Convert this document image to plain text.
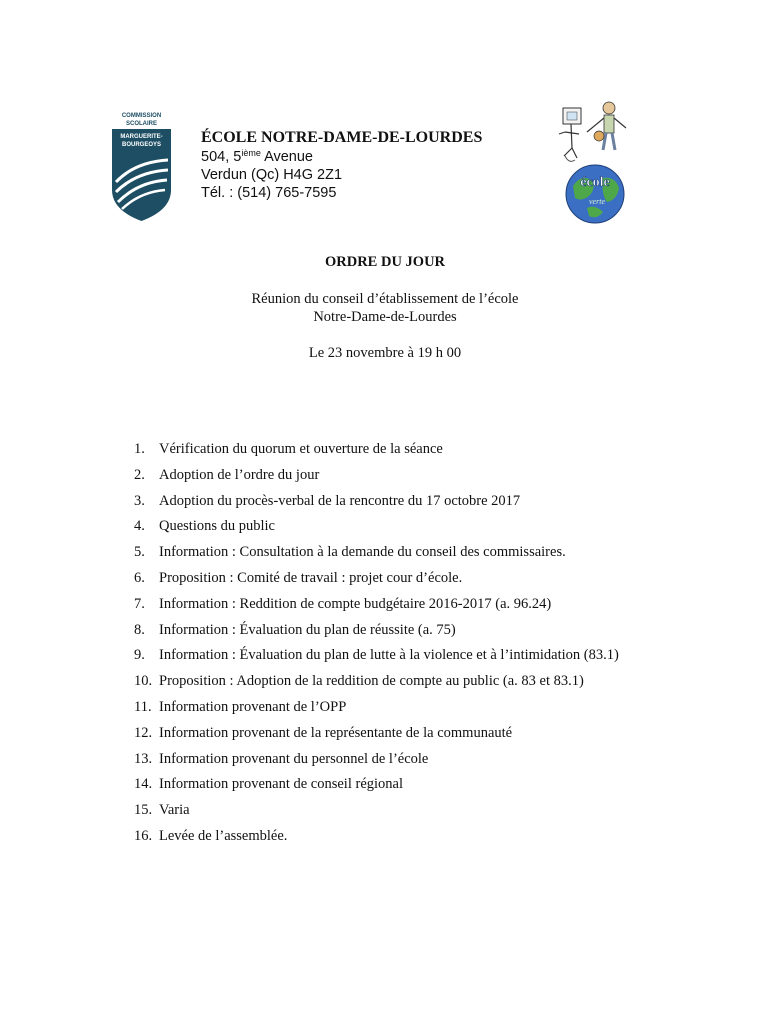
COMMISSION
SCOLAIRE
MARGUERITE-
BOURGEOYS ÉCOLE NOTRE-DAME-DE-LOURDES
504, 5ième Avenue
Verdun (Qc) H4G 2Z1
Tél. : (514) 765-7595
école
verte
ORDRE DU JOUR
Réunion du conseil d’établissement de l’école
Notre-Dame-de-Lourdes
Le 23 novembre à 19 h 00
1. Vérification du quorum et ouverture de la séance
2. Adoption de l’ordre du jour
3. Adoption du procès-verbal de la rencontre du 17 octobre 2017
4. Questions du public
5. Information : Consultation à la demande du conseil des commissaires.
6. Proposition : Comité de travail : projet cour d’école.
7. Information : Reddition de compte budgétaire 2016-2017 (a. 96.24)
8. Information : Évaluation du plan de réussite (a. 75)
9. Information : Évaluation du plan de lutte à la violence et à l’intimidation (83.1)
10. Proposition : Adoption de la reddition de compte au public (a. 83 et 83.1)
11. Information provenant de l’OPP
12. Information provenant de la représentante de la communauté
13. Information provenant du personnel de l’école
14. Information provenant de conseil régional
15. Varia
16. Levée de l’assemblée.
